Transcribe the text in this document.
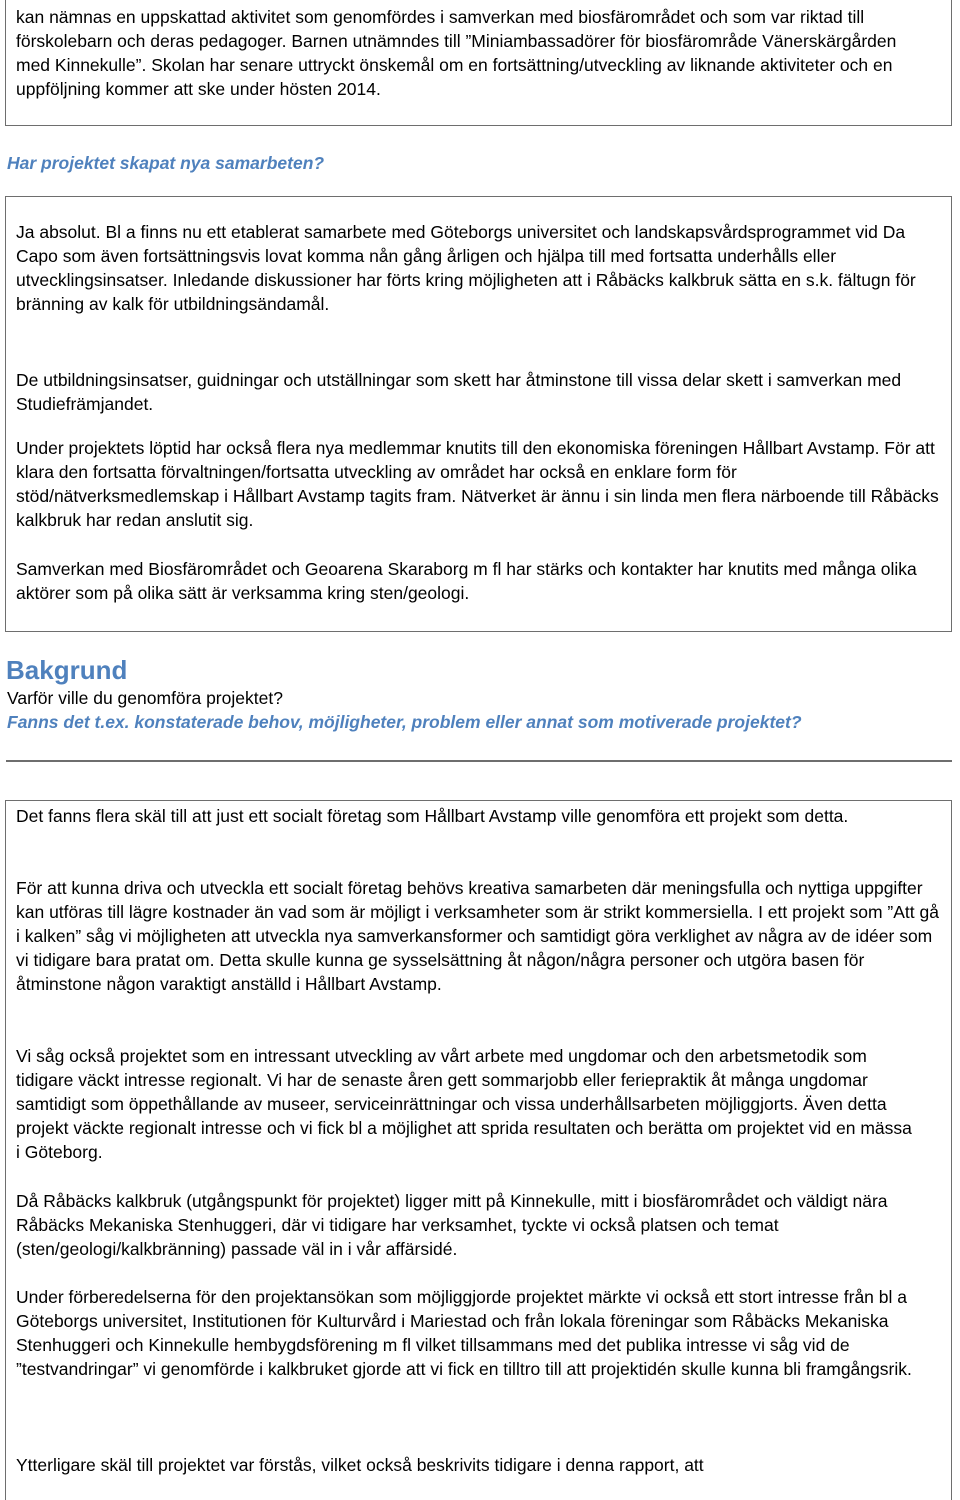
kan nämnas en uppskattad aktivitet som genomfördes i samverkan med biosfärområdet och som var riktad till förskolebarn och deras pedagoger. Barnen utnämndes till ”Miniambassadörer för biosfärområde Vänerskärgården med Kinnekulle”. Skolan har senare uttryckt önskemål om en fortsättning/utveckling av liknande aktiviteter och en uppföljning kommer att ske under hösten 2014.

Har projektet skapat nya samarbeten?

Ja absolut. Bl a finns nu ett etablerat samarbete med Göteborgs universitet och landskapsvårdsprogrammet vid Da Capo som även fortsättningsvis lovat komma nån gång årligen och hjälpa till med fortsatta underhålls eller utvecklingsinsatser. Inledande diskussioner har förts kring möjligheten att i Råbäcks kalkbruk sätta en s.k. fältugn för bränning av kalk för utbildningsändamål.

De utbildningsinsatser, guidningar och utställningar som skett har åtminstone till vissa delar skett i samverkan med Studiefrämjandet.

Under projektets löptid har också flera nya medlemmar knutits till den ekonomiska föreningen Hållbart Avstamp. För att klara den fortsatta förvaltningen/fortsatta utveckling av området har också en enklare form för stöd/nätverksmedlemskap i Hållbart Avstamp tagits fram. Nätverket är ännu i sin linda men flera närboende till Råbäcks kalkbruk har redan anslutit sig.

Samverkan med Biosfärområdet och Geoarena Skaraborg m fl har stärks och kontakter har knutits med många olika aktörer som på olika sätt är verksamma kring sten/geologi.

Bakgrund

Varför ville du genomföra projektet?

Fanns det t.ex. konstaterade behov, möjligheter, problem eller annat som motiverade projektet?

Det fanns flera skäl till att just ett socialt företag som Hållbart Avstamp ville genomföra ett projekt som detta.

För att kunna driva och utveckla ett socialt företag behövs kreativa samarbeten där meningsfulla och nyttiga uppgifter kan utföras till lägre kostnader än vad som är möjligt i verksamheter som är strikt kommersiella. I ett projekt som ”Att gå i kalken” såg vi möjligheten att utveckla nya samverkansformer och samtidigt göra verklighet av några av de idéer som vi tidigare bara pratat om. Detta skulle kunna ge sysselsättning åt någon/några personer och utgöra basen för åtminstone någon varaktigt anställd i Hållbart Avstamp.

Vi såg också projektet som en intressant utveckling av vårt arbete med ungdomar och den arbetsmetodik som tidigare väckt intresse regionalt. Vi har de senaste åren gett sommarjobb eller feriepraktik åt många ungdomar samtidigt som öppethållande av museer, serviceinrättningar och vissa underhållsarbeten möjliggjorts. Även detta projekt väckte regionalt intresse och vi fick bl a möjlighet att sprida resultaten och berätta om projektet vid en mässa i Göteborg.

Då Råbäcks kalkbruk (utgångspunkt för projektet) ligger mitt på Kinnekulle, mitt i biosfärområdet och väldigt nära Råbäcks Mekaniska Stenhuggeri, där vi tidigare har verksamhet, tyckte vi också platsen och temat (sten/geologi/kalkbränning) passade väl in i vår affärsidé.

Under förberedelserna för den projektansökan som möjliggjorde projektet märkte vi också ett stort intresse från bl a Göteborgs universitet, Institutionen för Kulturvård i Mariestad och från lokala föreningar som Råbäcks Mekaniska Stenhuggeri och Kinnekulle hembygdsförening m fl vilket tillsammans med det publika intresse vi såg vid de ”testvandringar” vi genomförde i kalkbruket gjorde att vi fick en tilltro till att projektidén skulle kunna bli framgångsrik.

Ytterligare skäl till projektet var förstås, vilket också beskrivits tidigare i denna rapport, att
